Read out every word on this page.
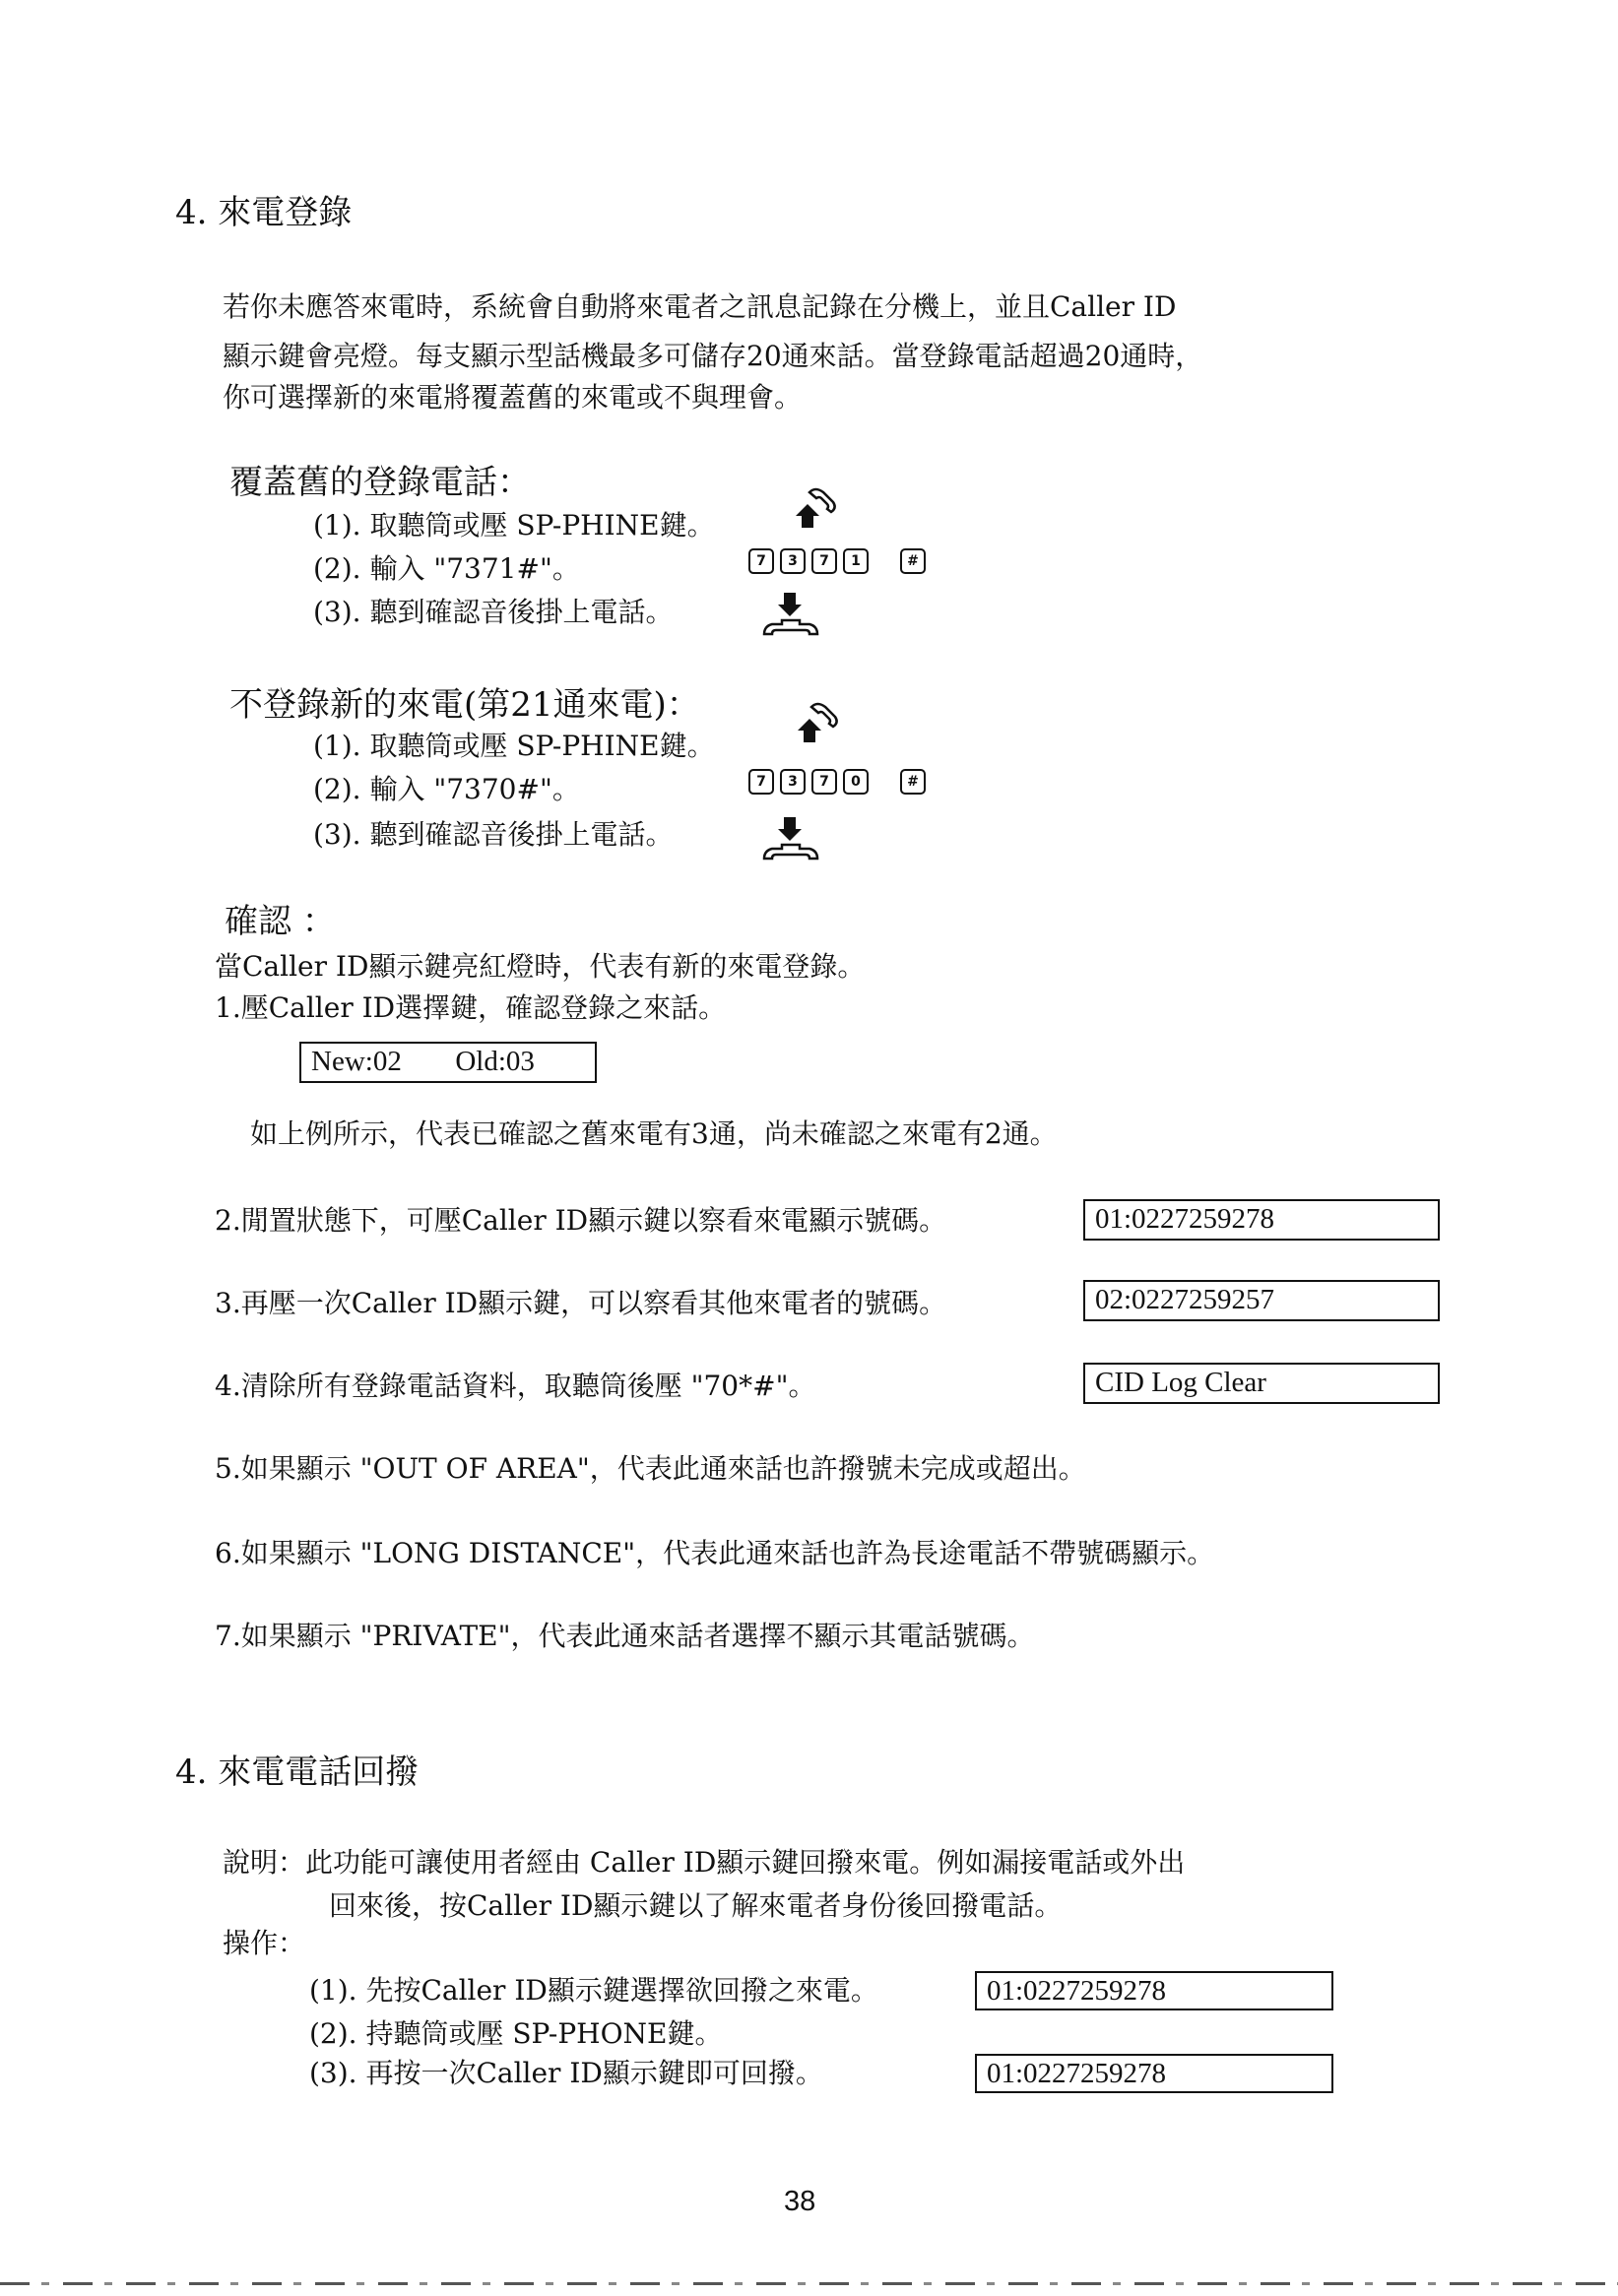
4. 來電登錄
若你未應答來電時，系統會自動將來電者之訊息記錄在分機上，並且Caller ID
顯示鍵會亮燈。每支顯示型話機最多可儲存20通來話。當登錄電話超過20通時，
你可選擇新的來電將覆蓋舊的來電或不與理會。
覆蓋舊的登錄電話：
(1). 取聽筒或壓 SP-PHINE鍵。
(2). 輸入 "7371#"。
(3). 聽到確認音後掛上電話。
7	3	7	1	#
不登錄新的來電(第21通來電)：
(1). 取聽筒或壓 SP-PHINE鍵。
(2). 輸入 "7370#"。
(3). 聽到確認音後掛上電話。
7	3	7	0	#
確認 ：
當Caller ID顯示鍵亮紅燈時，代表有新的來電登錄。
1.壓Caller ID選擇鍵，確認登錄之來話。
New:02 Old:03
如上例所示，代表已確認之舊來電有3通，尚未確認之來電有2通。
2.閒置狀態下，可壓Caller ID顯示鍵以察看來電顯示號碼。	01:0227259278
3.再壓一次Caller ID顯示鍵，可以察看其他來電者的號碼。	02:0227259257
4.清除所有登錄電話資料，取聽筒後壓 "70*#"。	CID Log Clear
5.如果顯示 "OUT OF AREA"，代表此通來話也許撥號未完成或超出。
6.如果顯示 "LONG DISTANCE"，代表此通來話也許為長途電話不帶號碼顯示。
7.如果顯示 "PRIVATE"，代表此通來話者選擇不顯示其電話號碼。
4. 來電電話回撥
說明：此功能可讓使用者經由 Caller ID顯示鍵回撥來電。例如漏接電話或外出
回來後，按Caller ID顯示鍵以了解來電者身份後回撥電話。
操作：
(1). 先按Caller ID顯示鍵選擇欲回撥之來電。	01:0227259278
(2). 持聽筒或壓 SP-PHONE鍵。
(3). 再按一次Caller ID顯示鍵即可回撥。	01:0227259278
38
